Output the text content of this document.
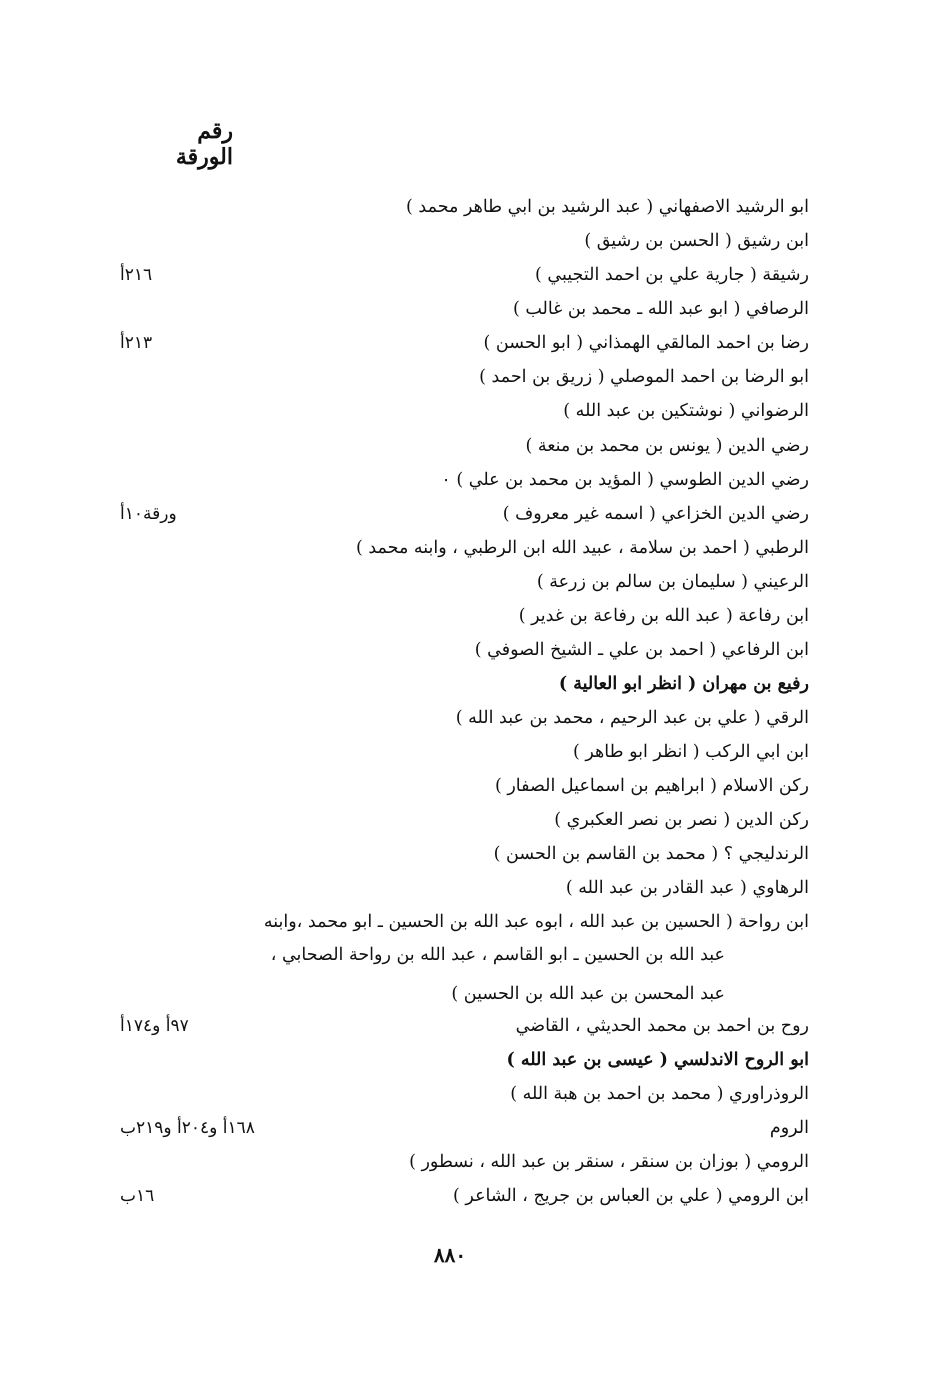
رقم الورقة
ابو الرشيد الاصفهاني ( عبد الرشيد بن ابي طاهر محمد )
ابن رشيق ( الحسن بن رشيق )
رشيقة ( جارية علي بن احمد التجيبي )
٢١٦أ
الرصافي ( ابو عبد الله ـ محمد بن غالب )
رضا بن احمد المالقي الهمذاني ( ابو الحسن )
٢١٣أ
ابو الرضا بن احمد الموصلي ( زريق بن احمد )
الرضواني ( نوشتكين بن عبد الله )
رضي الدين ( يونس بن محمد بن منعة )
رضي الدين الطوسي ( المؤيد بن محمد بن علي ) ٠
رضي الدين الخزاعي ( اسمه غير معروف )
ورقة١٠أ
الرطبي ( احمد بن سلامة ، عبيد الله ابن الرطبي ، وابنه محمد )
الرعيني ( سليمان بن سالم بن زرعة )
ابن رفاعة ( عبد الله بن رفاعة بن غدير )
ابن الرفاعي ( احمد بن علي ـ الشيخ الصوفي )
رفيع بن مهران ( انظر ابو العالية )
الرقي ( علي بن عبد الرحيم ، محمد بن عبد الله )
ابن ابي الركب ( انظر ابو طاهر )
ركن الاسلام ( ابراهيم بن اسماعيل الصفار )
ركن الدين ( نصر بن نصر العكبري )
الرندليجي ؟ ( محمد بن القاسم بن الحسن )
الرهاوي ( عبد القادر بن عبد الله )
ابن رواحة ( الحسين بن عبد الله ، ابوه عبد الله بن الحسين ـ ابو محمد ،وابنه
عبد الله بن الحسين ـ ابو القاسم ، عبد الله بن رواحة الصحابي ،
عبد المحسن بن عبد الله بن الحسين )
روح بن احمد بن محمد الحديثي ، القاضي
٩٧أ و١٧٤أ
ابو الروح الاندلسي ( عيسى بن عبد الله )
الروذراوري ( محمد بن احمد بن هبة الله )
الروم
١٦٨أ و٢٠٤أ و٢١٩ب
الرومي ( بوزان بن سنقر ، سنقر بن عبد الله ، نسطور )
ابن الرومي ( علي بن العباس بن جريج ، الشاعر )
١٦ب
٨٨٠
